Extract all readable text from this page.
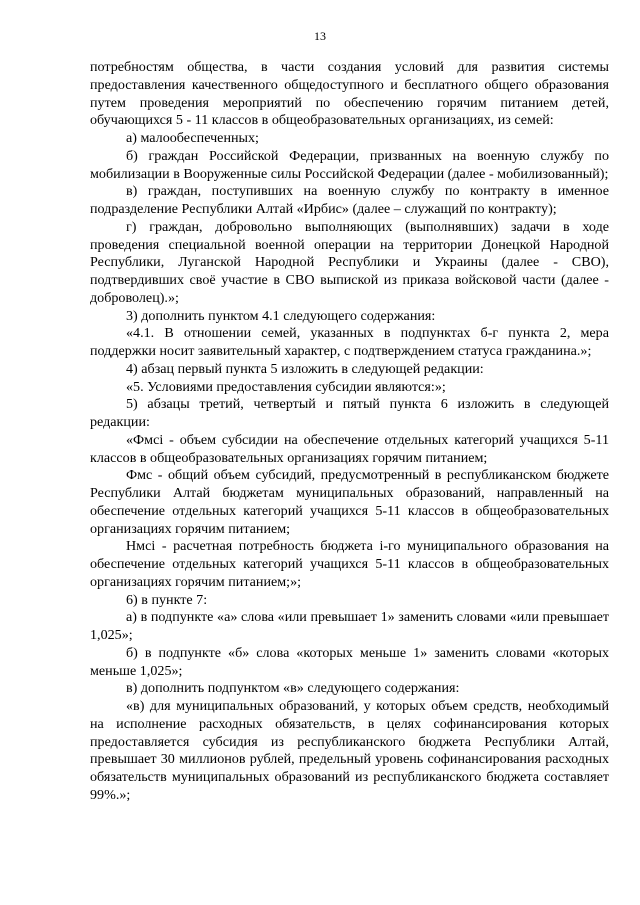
13

потребностям общества, в части создания условий для развития системы предоставления качественного общедоступного и бесплатного общего образования путем проведения мероприятий по обеспечению горячим питанием детей, обучающихся 5 - 11 классов в общеобразовательных организациях, из семей:

а) малообеспеченных;

б) граждан Российской Федерации, призванных на военную службу по мобилизации в Вооруженные силы Российской Федерации (далее - мобилизованный);

в) граждан, поступивших на военную службу по контракту в именное подразделение Республики Алтай «Ирбис» (далее – служащий по контракту);

г) граждан, добровольно выполняющих (выполнявших) задачи в ходе проведения специальной военной операции на территории Донецкой Народной Республики, Луганской Народной Республики и Украины (далее - СВО), подтвердивших своё участие в СВО выпиской из приказа войсковой части (далее - доброволец).»;

3) дополнить пунктом 4.1 следующего содержания:

«4.1. В отношении семей, указанных в подпунктах б-г пункта 2, мера поддержки носит заявительный характер, с подтверждением статуса гражданина.»;

4) абзац первый пункта 5 изложить в следующей редакции:

«5. Условиями предоставления субсидии являются:»;

5) абзацы третий, четвертый и пятый пункта 6 изложить в следующей редакции:

«Фмсi - объем субсидии на обеспечение отдельных категорий учащихся 5-11 классов в общеобразовательных организациях горячим питанием;

Фмс - общий объем субсидий, предусмотренный в республиканском бюджете Республики Алтай бюджетам муниципальных образований, направленный на обеспечение отдельных категорий учащихся 5-11 классов в общеобразовательных организациях горячим питанием;

Нмсi - расчетная потребность бюджета i-го муниципального образования на обеспечение отдельных категорий учащихся 5-11 классов в общеобразовательных организациях горячим питанием;»;

6) в пункте 7:

а) в подпункте «а» слова «или превышает 1» заменить словами «или превышает 1,025»;

б) в подпункте «б» слова «которых меньше 1» заменить словами «которых меньше 1,025»;

в) дополнить подпунктом «в» следующего содержания:

«в) для муниципальных образований, у которых объем средств, необходимый на исполнение расходных обязательств, в целях софинансирования которых предоставляется субсидия из республиканского бюджета Республики Алтай, превышает 30 миллионов рублей, предельный уровень софинансирования расходных обязательств муниципальных образований из республиканского бюджета составляет 99%.»;
